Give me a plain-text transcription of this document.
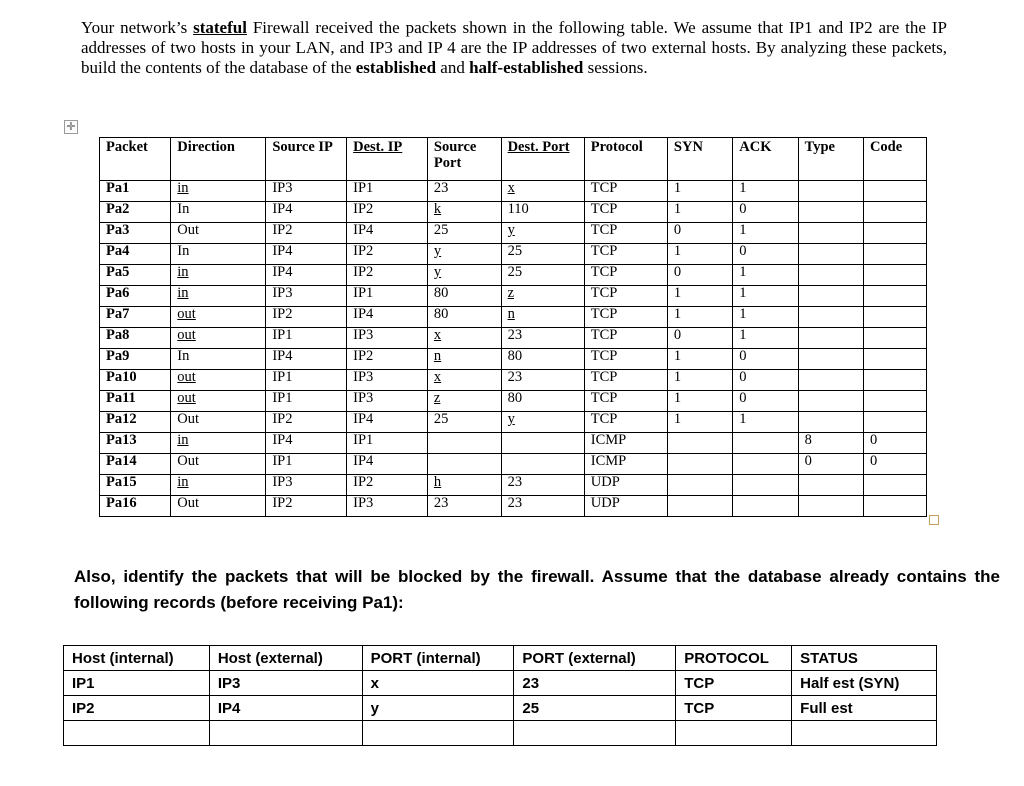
Your network’s stateful Firewall received the packets shown in the following table. We assume that IP1 and IP2 are the IP addresses of two hosts in your LAN, and IP3 and IP 4 are the IP addresses of two external hosts. By analyzing these packets, build the contents of the database of the established and half-established sessions.
✛
Packet	Direction	Source IP	Dest. IP	Source Port	Dest. Port	Protocol	SYN	ACK	Type	Code
Pa1	in	IP3	IP1	23	x	TCP	1	1		
Pa2	In	IP4	IP2	k	110	TCP	1	0		
Pa3	Out	IP2	IP4	25	y	TCP	0	1		
Pa4	In	IP4	IP2	y	25	TCP	1	0		
Pa5	in	IP4	IP2	y	25	TCP	0	1		
Pa6	in	IP3	IP1	80	z	TCP	1	1		
Pa7	out	IP2	IP4	80	n	TCP	1	1		
Pa8	out	IP1	IP3	x	23	TCP	0	1		
Pa9	In	IP4	IP2	n	80	TCP	1	0		
Pa10	out	IP1	IP3	x	23	TCP	1	0		
Pa11	out	IP1	IP3	z	80	TCP	1	0		
Pa12	Out	IP2	IP4	25	y	TCP	1	1		
Pa13	in	IP4	IP1			ICMP			8	0
Pa14	Out	IP1	IP4			ICMP			0	0
Pa15	in	IP3	IP2	h	23	UDP				
Pa16	Out	IP2	IP3	23	23	UDP				
Also, identify the packets that will be blocked by the firewall. Assume that the database already contains the following records (before receiving Pa1):
Host (internal)	Host (external)	PORT (internal)	PORT (external)	PROTOCOL	STATUS
IP1	IP3	x	23	TCP	Half est (SYN)
IP2	IP4	y	25	TCP	Full est
